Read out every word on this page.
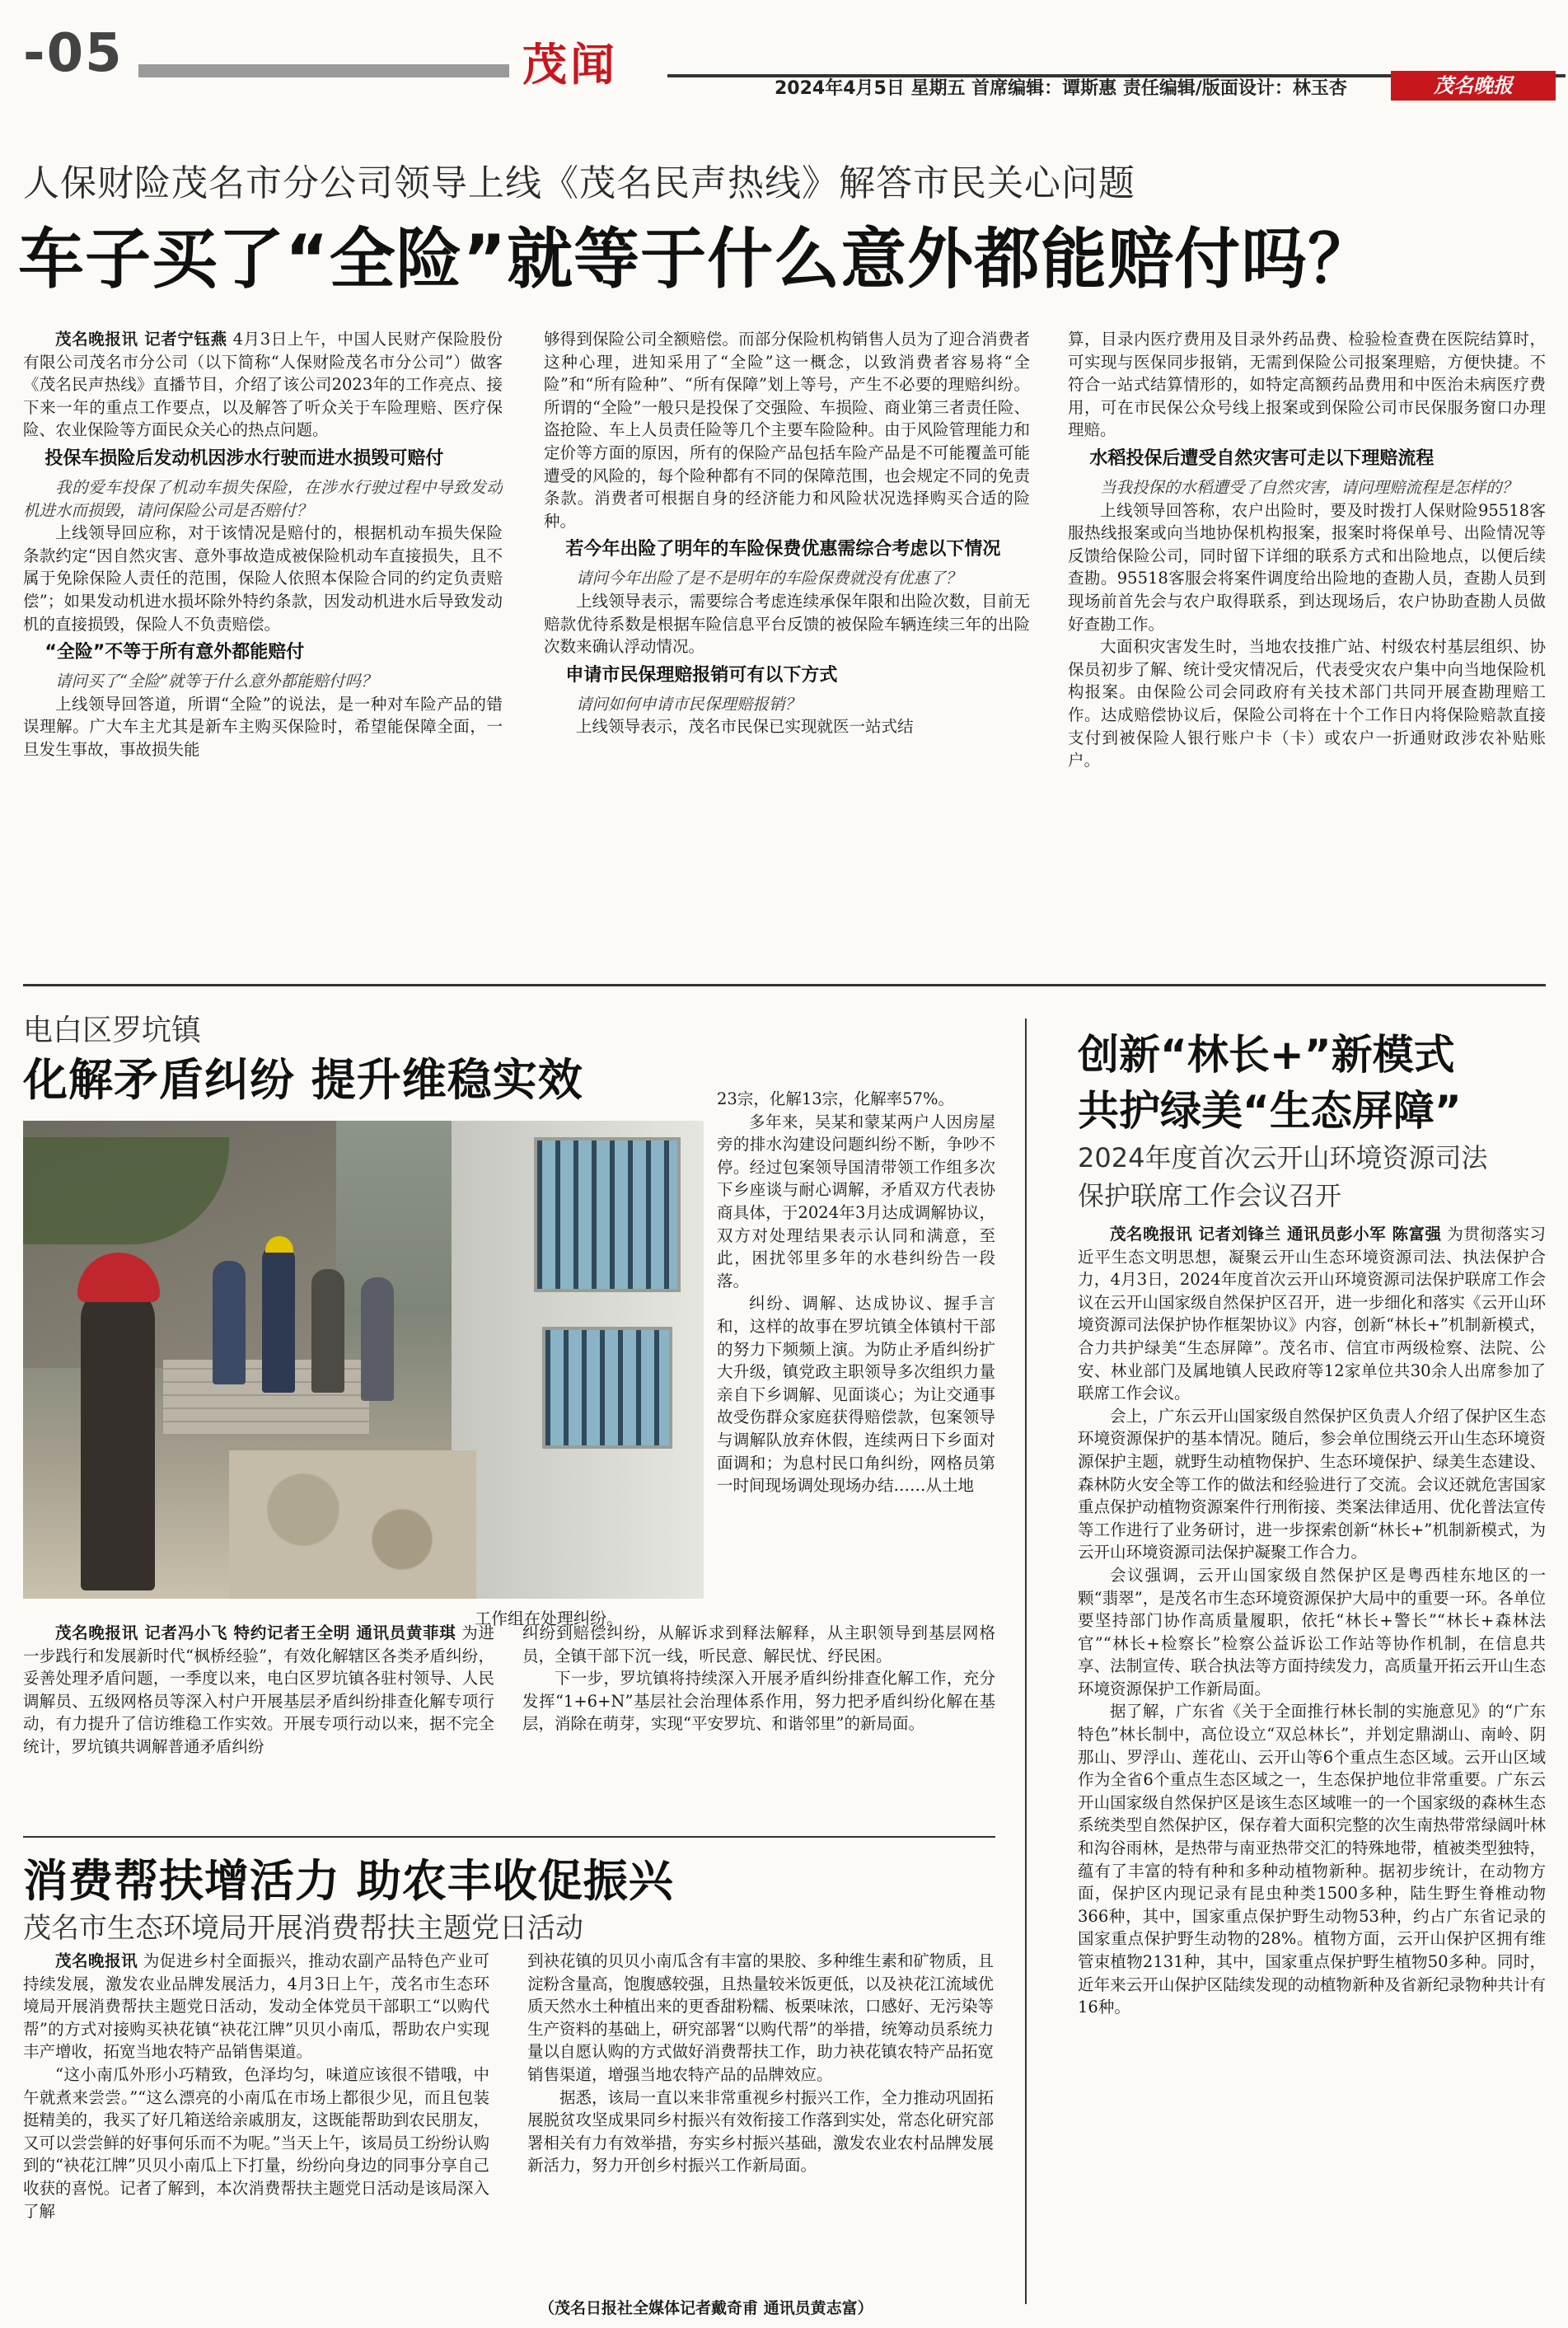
-05	茂闻	2024年4月5日 星期五 首席编辑：谭斯惠 责任编辑/版面设计：林玉杏	茂名晚报
人保财险茂名市分公司领导上线《茂名民声热线》解答市民关心问题
车子买了“全险”就等于什么意外都能赔付吗？

茂名晚报讯 记者宁钰燕 4月3日上午，中国人民财产保险股份有限公司茂名市分公司（以下简称“人保财险茂名市分公司”）做客《茂名民声热线》直播节目，介绍了该公司2023年的工作亮点、接下来一年的重点工作要点，以及解答了听众关于车险理赔、医疗保险、农业保险等方面民众关心的热点问题。

投保车损险后发动机因涉水行驶而进水损毁可赔付

我的爱车投保了机动车损失保险，在涉水行驶过程中导致发动机进水而损毁，请问保险公司是否赔付？

上线领导回应称，对于该情况是赔付的，根据机动车损失保险条款约定“因自然灾害、意外事故造成被保险机动车直接损失，且不属于免除保险人责任的范围，保险人依照本保险合同的约定负责赔偿”；如果发动机进水损坏除外特约条款，因发动机进水后导致发动机的直接损毁，保险人不负责赔偿。

“全险”不等于所有意外都能赔付

请问买了“全险”就等于什么意外都能赔付吗？

上线领导回答道，所谓“全险”的说法，是一种对车险产品的错误理解。广大车主尤其是新车主购买保险时，希望能保障全面，一旦发生事故，事故损失能

够得到保险公司全额赔偿。而部分保险机构销售人员为了迎合消费者这种心理，进知采用了“全险”这一概念，以致消费者容易将“全险”和“所有险种”、“所有保障”划上等号，产生不必要的理赔纠纷。所谓的“全险”一般只是投保了交强险、车损险、商业第三者责任险、盗抢险、车上人员责任险等几个主要车险险种。由于风险管理能力和定价等方面的原因，所有的保险产品包括车险产品是不可能覆盖可能遭受的风险的，每个险种都有不同的保障范围，也会规定不同的免责条款。消费者可根据自身的经济能力和风险状况选择购买合适的险种。

若今年出险了明年的车险保费优惠需综合考虑以下情况

请问今年出险了是不是明年的车险保费就没有优惠了？

上线领导表示，需要综合考虑连续承保年限和出险次数，目前无赔款优待系数是根据车险信息平台反馈的被保险车辆连续三年的出险次数来确认浮动情况。

申请市民保理赔报销可有以下方式

请问如何申请市民保理赔报销？

上线领导表示，茂名市民保已实现就医一站式结

算，目录内医疗费用及目录外药品费、检验检查费在医院结算时，可实现与医保同步报销，无需到保险公司报案理赔，方便快捷。不符合一站式结算情形的，如特定高额药品费用和中医治未病医疗费用，可在市民保公众号线上报案或到保险公司市民保服务窗口办理理赔。

水稻投保后遭受自然灾害可走以下理赔流程

当我投保的水稻遭受了自然灾害，请问理赔流程是怎样的？

上线领导回答称，农户出险时，要及时拨打人保财险95518客服热线报案或向当地协保机构报案，报案时将保单号、出险情况等反馈给保险公司，同时留下详细的联系方式和出险地点，以便后续查勘。95518客服会将案件调度给出险地的查勘人员，查勘人员到现场前首先会与农户取得联系，到达现场后，农户协助查勘人员做好查勘工作。

大面积灾害发生时，当地农技推广站、村级农村基层组织、协保员初步了解、统计受灾情况后，代表受灾农户集中向当地保险机构报案。由保险公司会同政府有关技术部门共同开展查勘理赔工作。达成赔偿协议后，保险公司将在十个工作日内将保险赔款直接支付到被保险人银行账户卡（卡）或农户一折通财政涉农补贴账户。

电白区罗坑镇
化解矛盾纠纷 提升维稳实效
工作组在处理纠纷。

23宗，化解13宗，化解率57%。

多年来，吴某和蒙某两户人因房屋旁的排水沟建设问题纠纷不断，争吵不停。经过包案领导国清带领工作组多次下乡座谈与耐心调解，矛盾双方代表协商具体，于2024年3月达成调解协议，双方对处理结果表示认同和满意，至此，困扰邻里多年的水巷纠纷告一段落。

纠纷、调解、达成协议、握手言和，这样的故事在罗坑镇全体镇村干部的努力下频频上演。为防止矛盾纠纷扩大升级，镇党政主职领导多次组织力量亲自下乡调解、见面谈心；为让交通事故受伤群众家庭获得赔偿款，包案领导与调解队放弃休假，连续两日下乡面对面调和；为息村民口角纠纷，网格员第一时间现场调处现场办结……从土地

茂名晚报讯 记者冯小飞 特约记者王全明 通讯员黄菲琪 为进一步践行和发展新时代“枫桥经验”，有效化解辖区各类矛盾纠纷，妥善处理矛盾问题，一季度以来，电白区罗坑镇各驻村领导、人民调解员、五级网格员等深入村户开展基层矛盾纠纷排查化解专项行动，有力提升了信访维稳工作实效。开展专项行动以来，据不完全统计，罗坑镇共调解普通矛盾纠纷

纠纷到赔偿纠纷，从解诉求到释法解释，从主职领导到基层网格员，全镇干部下沉一线，听民意、解民忧、纾民困。

下一步，罗坑镇将持续深入开展矛盾纠纷排查化解工作，充分发挥“1+6+N”基层社会治理体系作用，努力把矛盾纠纷化解在基层，消除在萌芽，实现“平安罗坑、和谐邻里”的新局面。

消费帮扶增活力 助农丰收促振兴
茂名市生态环境局开展消费帮扶主题党日活动

茂名晚报讯 为促进乡村全面振兴，推动农副产品特色产业可持续发展，激发农业品牌发展活力，4月3日上午，茂名市生态环境局开展消费帮扶主题党日活动，发动全体党员干部职工“以购代帮”的方式对接购买袂花镇“袂花江牌”贝贝小南瓜，帮助农户实现丰产增收，拓宽当地农特产品销售渠道。

“这小南瓜外形小巧精致，色泽均匀，味道应该很不错哦，中午就煮来尝尝。”“这么漂亮的小南瓜在市场上都很少见，而且包装挺精美的，我买了好几箱送给亲戚朋友，这既能帮助到农民朋友，又可以尝尝鲜的好事何乐而不为呢。”当天上午，该局员工纷纷认购到的“袂花江牌”贝贝小南瓜上下打量，纷纷向身边的同事分享自己收获的喜悦。记者了解到，本次消费帮扶主题党日活动是该局深入了解

到袂花镇的贝贝小南瓜含有丰富的果胶、多种维生素和矿物质，且淀粉含量高，饱腹感较强，且热量较米饭更低，以及袂花江流域优质天然水土种植出来的更香甜粉糯、板栗味浓，口感好、无污染等生产资料的基础上，研究部署“以购代帮”的举措，统筹动员系统力量以自愿认购的方式做好消费帮扶工作，助力袂花镇农特产品拓宽销售渠道，增强当地农特产品的品牌效应。

据悉，该局一直以来非常重视乡村振兴工作，全力推动巩固拓展脱贫攻坚成果同乡村振兴有效衔接工作落到实处，常态化研究部署相关有力有效举措，夯实乡村振兴基础，激发农业农村品牌发展新活力，努力开创乡村振兴工作新局面。

（茂名日报社全媒体记者戴奇甫 通讯员黄志富）
创新“林长+”新模式
共护绿美“生态屏障”
2024年度首次云开山环境资源司法
保护联席工作会议召开

茂名晚报讯 记者刘锋兰 通讯员彭小军 陈富强 为贯彻落实习近平生态文明思想，凝聚云开山生态环境资源司法、执法保护合力，4月3日，2024年度首次云开山环境资源司法保护联席工作会议在云开山国家级自然保护区召开，进一步细化和落实《云开山环境资源司法保护协作框架协议》内容，创新“林长+”机制新模式，合力共护绿美“生态屏障”。茂名市、信宜市两级检察、法院、公安、林业部门及属地镇人民政府等12家单位共30余人出席参加了联席工作会议。

会上，广东云开山国家级自然保护区负责人介绍了保护区生态环境资源保护的基本情况。随后，参会单位围绕云开山生态环境资源保护主题，就野生动植物保护、生态环境保护、绿美生态建设、森林防火安全等工作的做法和经验进行了交流。会议还就危害国家重点保护动植物资源案件行刑衔接、类案法律适用、优化普法宣传等工作进行了业务研讨，进一步探索创新“林长+”机制新模式，为云开山环境资源司法保护凝聚工作合力。

会议强调，云开山国家级自然保护区是粤西桂东地区的一颗“翡翠”，是茂名市生态环境资源保护大局中的重要一环。各单位要坚持部门协作高质量履职，依托“林长+警长”“林长+森林法官”“林长+检察长”检察公益诉讼工作站等协作机制，在信息共享、法制宣传、联合执法等方面持续发力，高质量开拓云开山生态环境资源保护工作新局面。

据了解，广东省《关于全面推行林长制的实施意见》的“广东特色”林长制中，高位设立“双总林长”，并划定鼎湖山、南岭、阴那山、罗浮山、莲花山、云开山等6个重点生态区域。云开山区域作为全省6个重点生态区域之一，生态保护地位非常重要。广东云开山国家级自然保护区是该生态区域唯一的一个国家级的森林生态系统类型自然保护区，保存着大面积完整的次生南热带常绿阔叶林和沟谷雨林，是热带与南亚热带交汇的特殊地带，植被类型独特，蕴有了丰富的特有种和多种动植物新种。据初步统计，在动物方面，保护区内现记录有昆虫种类1500多种，陆生野生脊椎动物366种，其中，国家重点保护野生动物53种，约占广东省记录的国家重点保护野生动物的28%。植物方面，云开山保护区拥有维管束植物2131种，其中，国家重点保护野生植物50多种。同时，近年来云开山保护区陆续发现的动植物新种及省新纪录物种共计有16种。
